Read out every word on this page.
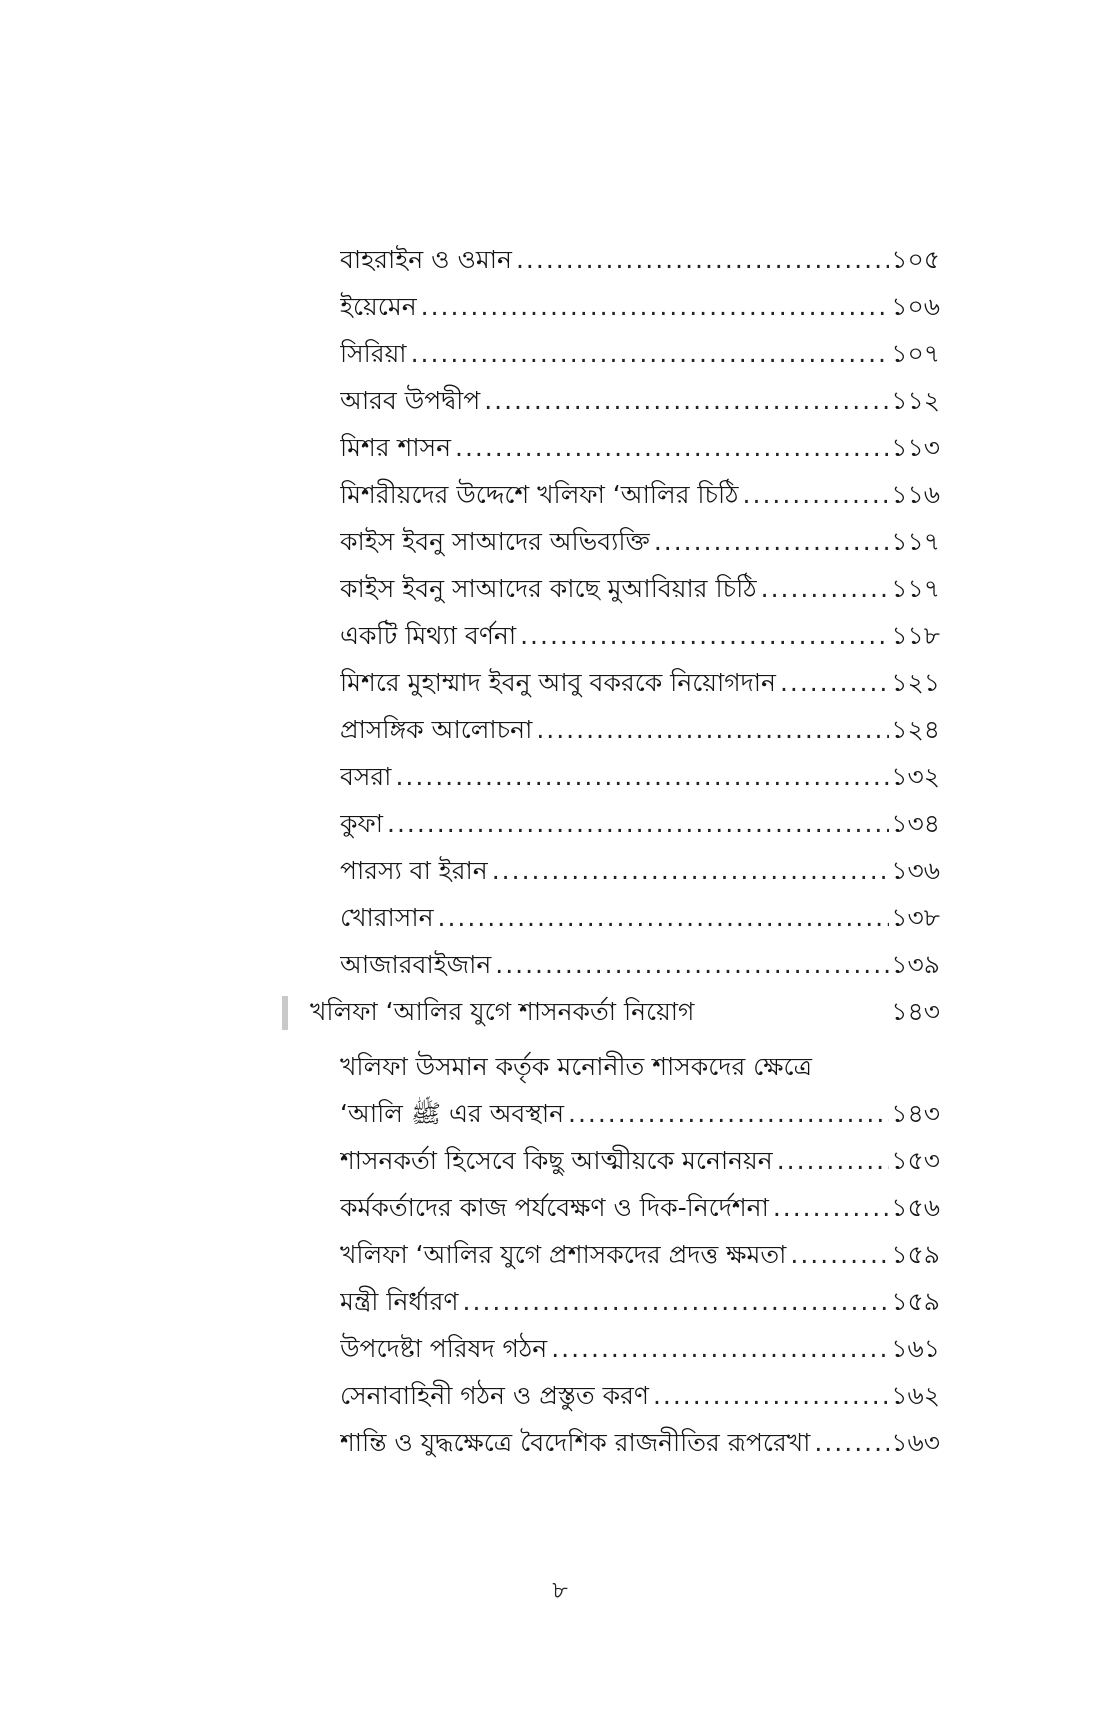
বাহরাইন ও ওমান .....	১০৫
ইয়েমেন .....	১০৬
সিরিয়া .....	১০৭
আরব উপদ্বীপ .....	১১২
মিশর শাসন .....	১১৩
মিশরীয়দের উদ্দেশে খলিফা ‘আলির চিঠি .....	১১৬
কাইস ইবনু সাআদের অভিব্যক্তি .....	১১৭
কাইস ইবনু সাআদের কাছে মুআবিয়ার চিঠি .....	১১৭
একটি মিথ্যা বর্ণনা .....	১১৮
মিশরে মুহাম্মাদ ইবনু আবু বকরকে নিয়োগদান .....	১২১
প্রাসঙ্গিক আলোচনা .....	১২৪
বসরা .....	১৩২
কুফা .....	১৩৪
পারস্য বা ইরান .....	১৩৬
খোরাসান .....	১৩৮
আজারবাইজান .....	১৩৯
খলিফা ‘আলির যুগে শাসনকর্তা নিয়োগ	১৪৩
খলিফা উসমান কর্তৃক মনোনীত শাসকদের ক্ষেত্রে
‘আলি ﷺ এর অবস্থান .....	১৪৩
শাসনকর্তা হিসেবে কিছু আত্মীয়কে মনোনয়ন .....	১৫৩
কর্মকর্তাদের কাজ পর্যবেক্ষণ ও দিক-নির্দেশনা .....	১৫৬
খলিফা ‘আলির যুগে প্রশাসকদের প্রদত্ত ক্ষমতা .....	১৫৯
মন্ত্রী নির্ধারণ .....	১৫৯
উপদেষ্টা পরিষদ গঠন .....	১৬১
সেনাবাহিনী গঠন ও প্রস্তুত করণ .....	১৬২
শান্তি ও যুদ্ধক্ষেত্রে বৈদেশিক রাজনীতির রূপরেখা .....	১৬৩
৮
